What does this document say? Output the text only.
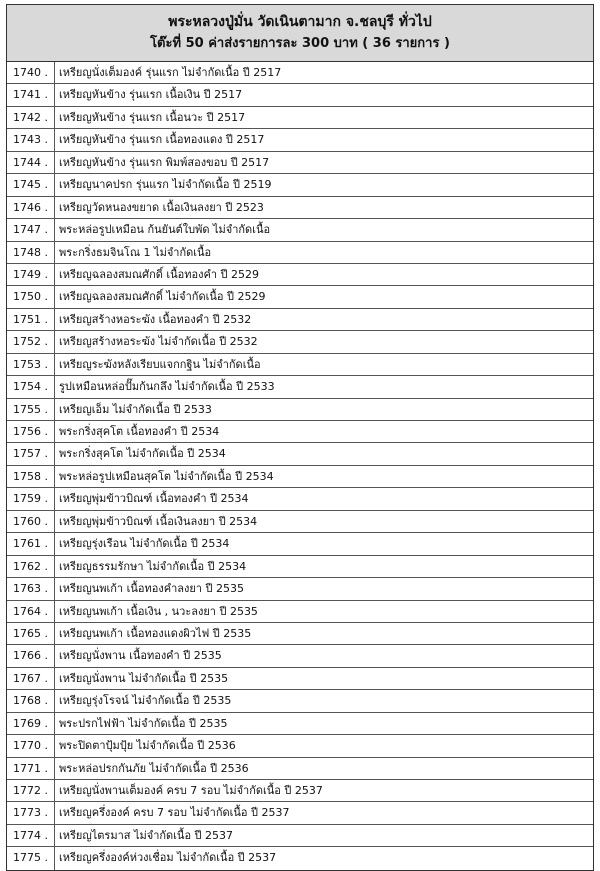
พระหลวงปู่มั่น วัดเนินตามาก จ.ชลบุรี ทั่วไป
โต๊ะที่ 50 ค่าส่งรายการละ 300 บาท ( 36 รายการ )
1740 .	เหรียญนั่งเต็มองค์ รุ่นแรก ไม่จำกัดเนื้อ ปี 2517
1741 .	เหรียญหันข้าง รุ่นแรก เนื้อเงิน ปี 2517
1742 .	เหรียญหันข้าง รุ่นแรก เนื้อนวะ ปี 2517
1743 .	เหรียญหันข้าง รุ่นแรก เนื้อทองแดง ปี 2517
1744 .	เหรียญหันข้าง รุ่นแรก พิมพ์สองขอบ ปี 2517
1745 .	เหรียญนาคปรก รุ่นแรก ไม่จำกัดเนื้อ ปี 2519
1746 .	เหรียญวัดหนองขยาด เนื้อเงินลงยา ปี 2523
1747 .	พระหล่อรูปเหมือน ก้นยันต์ใบพัด ไม่จำกัดเนื้อ
1748 .	พระกริ่งธมจินโณ 1 ไม่จำกัดเนื้อ
1749 .	เหรียญฉลองสมณศักดิ์ เนื้อทองคำ ปี 2529
1750 .	เหรียญฉลองสมณศักดิ์ ไม่จำกัดเนื้อ ปี 2529
1751 .	เหรียญสร้างหอระฆัง เนื้อทองคำ ปี 2532
1752 .	เหรียญสร้างหอระฆัง ไม่จำกัดเนื้อ ปี 2532
1753 .	เหรียญระฆังหลังเรียบแจกกฐิน ไม่จำกัดเนื้อ
1754 .	รูปเหมือนหล่อปั๊มก้นกลึง ไม่จำกัดเนื้อ ปี 2533
1755 .	เหรียญเอ็ม ไม่จำกัดเนื้อ ปี 2533
1756 .	พระกริ่งสุคโต เนื้อทองคำ ปี 2534
1757 .	พระกริ่งสุคโต ไม่จำกัดเนื้อ ปี 2534
1758 .	พระหล่อรูปเหมือนสุคโต ไม่จำกัดเนื้อ ปี 2534
1759 .	เหรียญพุ่มข้าวบิณฑ์ เนื้อทองคำ ปี 2534
1760 .	เหรียญพุ่มข้าวบิณฑ์ เนื้อเงินลงยา ปี 2534
1761 .	เหรียญรุ่งเรือน ไม่จำกัดเนื้อ ปี 2534
1762 .	เหรียญธรรมรักษา ไม่จำกัดเนื้อ ปี 2534
1763 .	เหรียญนพเก้า เนื้อทองคำลงยา ปี 2535
1764 .	เหรียญนพเก้า เนื้อเงิน , นวะลงยา ปี 2535
1765 .	เหรียญนพเก้า เนื้อทองแดงผิวไฟ ปี 2535
1766 .	เหรียญนั่งพาน เนื้อทองคำ ปี 2535
1767 .	เหรียญนั่งพาน ไม่จำกัดเนื้อ ปี 2535
1768 .	เหรียญรุ่งโรจน์ ไม่จำกัดเนื้อ ปี 2535
1769 .	พระปรกไฟฟ้า ไม่จำกัดเนื้อ ปี 2535
1770 .	พระปิดตาปุ้มปุ้ย ไม่จำกัดเนื้อ ปี 2536
1771 .	พระหล่อปรกกันภัย ไม่จำกัดเนื้อ ปี 2536
1772 .	เหรียญนั่งพานเต็มองค์ ครบ 7 รอบ ไม่จำกัดเนื้อ ปี 2537
1773 .	เหรียญครึ่งองค์ ครบ 7 รอบ ไม่จำกัดเนื้อ ปี 2537
1774 .	เหรียญไตรมาส ไม่จำกัดเนื้อ ปี 2537
1775 .	เหรียญครึ่งองค์ห่วงเชื่อม ไม่จำกัดเนื้อ ปี 2537
